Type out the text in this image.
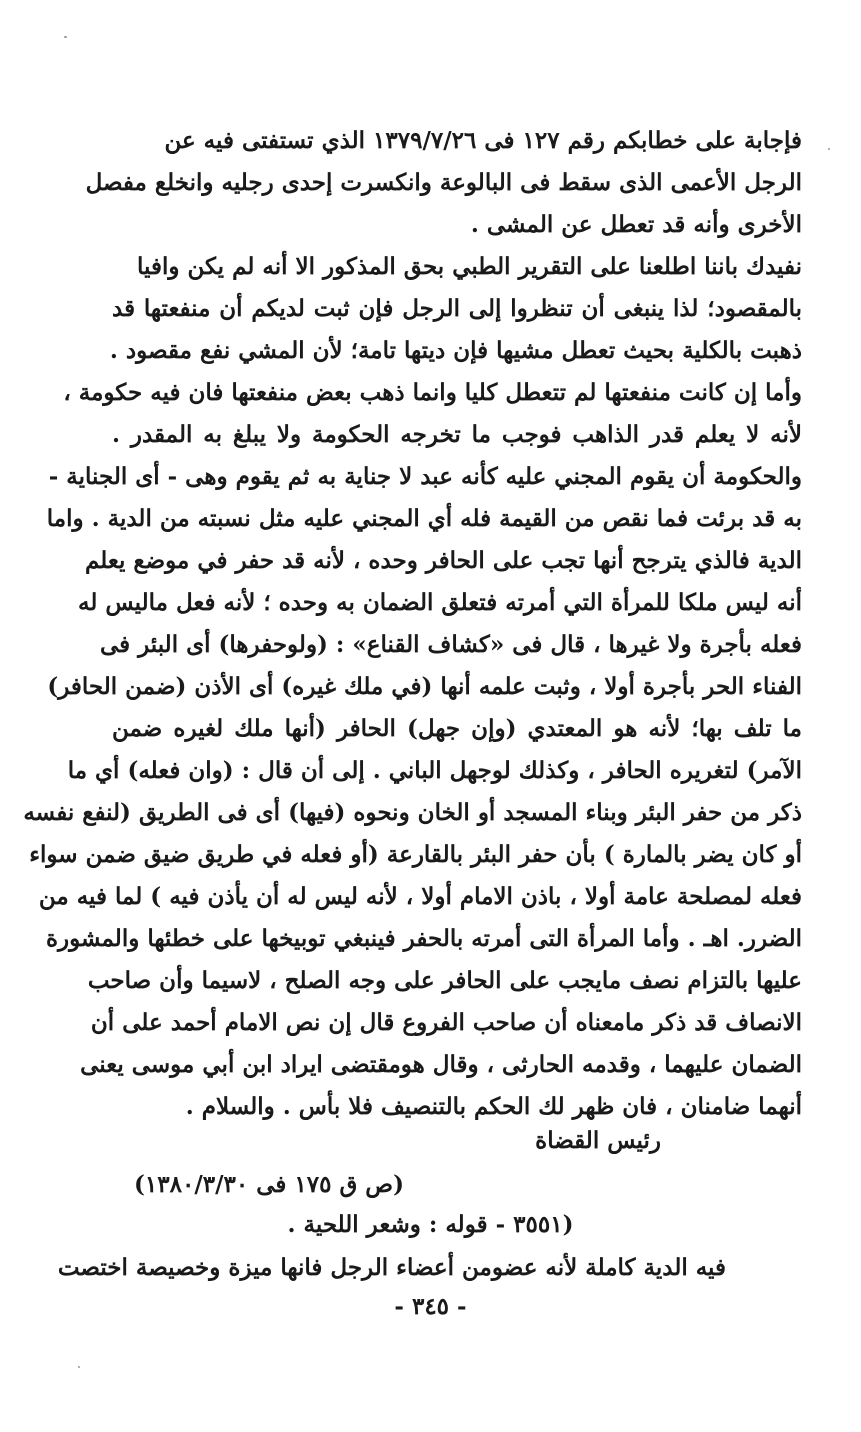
فإجابة على خطابكم رقم ١٢٧ فى ١٣٧٩/٧/٢٦ الذي تستفتى فيه عن
الرجل الأعمى الذى سقط فى البالوعة وانكسرت إحدى رجليه وانخلع مفصل
الأخرى وأنه قد تعطل عن المشى .
نفيدك باننا اطلعنا على التقرير الطبي بحق المذكور الا أنه لم يكن وافيا
بالمقصود؛ لذا ينبغى أن تنظروا إلى الرجل فإن ثبت لديكم أن منفعتها قد
ذهبت بالكلية بحيث تعطل مشيها فإن ديتها تامة؛ لأن المشي نفع مقصود .
وأما إن كانت منفعتها لم تتعطل كليا وانما ذهب بعض منفعتها فان فيه حكومة ،
لأنه لا يعلم قدر الذاهب فوجب ما تخرجه الحكومة ولا يبلغ به المقدر .
والحكومة أن يقوم المجني عليه كأنه عبد لا جناية به ثم يقوم وهى - أى الجناية -
به قد برئت فما نقص من القيمة فله أي المجني عليه مثل نسبته من الدية . واما
الدية فالذي يترجح أنها تجب على الحافر وحده ، لأنه قد حفر في موضع يعلم
أنه ليس ملكا للمرأة التي أمرته فتعلق الضمان به وحده ؛ لأنه فعل ماليس له
فعله بأجرة ولا غيرها ، قال فى «كشاف القناع» : (ولوحفرها) أى البئر فى
الفناء الحر بأجرة أولا ، وثبت علمه أنها (في ملك غيره) أى الأذن (ضمن الحافر)
ما تلف بها؛ لأنه هو المعتدي (وإن جهل) الحافر (أنها ملك لغيره ضمن
الآمر) لتغريره الحافر ، وكذلك لوجهل الباني . إلى أن قال : (وان فعله) أي ما
ذكر من حفر البئر وبناء المسجد أو الخان ونحوه (فيها) أى فى الطريق (لنفع نفسه
أو كان يضر بالمارة ) بأن حفر البئر بالقارعة (أو فعله في طريق ضيق ضمن سواء
فعله لمصلحة عامة أولا ، باذن الامام أولا ، لأنه ليس له أن يأذن فيه ) لما فيه من
الضرر. اهـ . وأما المرأة التى أمرته بالحفر فينبغي توبيخها على خطئها والمشورة
عليها بالتزام نصف مايجب على الحافر على وجه الصلح ، لاسيما وأن صاحب
الانصاف قد ذكر مامعناه أن صاحب الفروع قال إن نص الامام أحمد على أن
الضمان عليهما ، وقدمه الحارثى ، وقال هومقتضى ايراد ابن أبي موسى يعنى
أنهما ضامنان ، فان ظهر لك الحكم بالتنصيف فلا بأس . والسلام .
رئيس القضاة
(ص ق ١٧٥ فى ١٣٨٠/٣/٣٠)
(٣٥٥١ - قوله : وشعر اللحية .
فيه الدية كاملة لأنه عضومن أعضاء الرجل فانها ميزة وخصيصة اختصت
- ٣٤٥ -
